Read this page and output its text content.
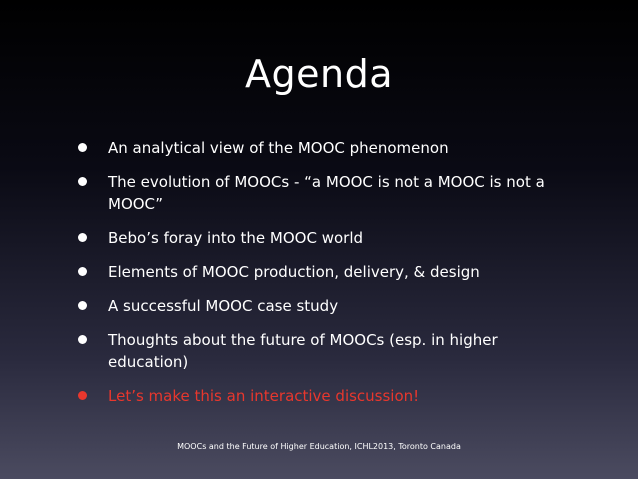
Agenda
An analytical view of the MOOC phenomenon
The evolution of MOOCs - “a MOOC is not a MOOC is not a MOOC”
Bebo’s foray into the MOOC world
Elements of MOOC production, delivery, & design
A successful MOOC case study
Thoughts about the future of MOOCs (esp. in higher education)
Let’s make this an interactive discussion!
MOOCs and the Future of Higher Education, ICHL2013, Toronto Canada
